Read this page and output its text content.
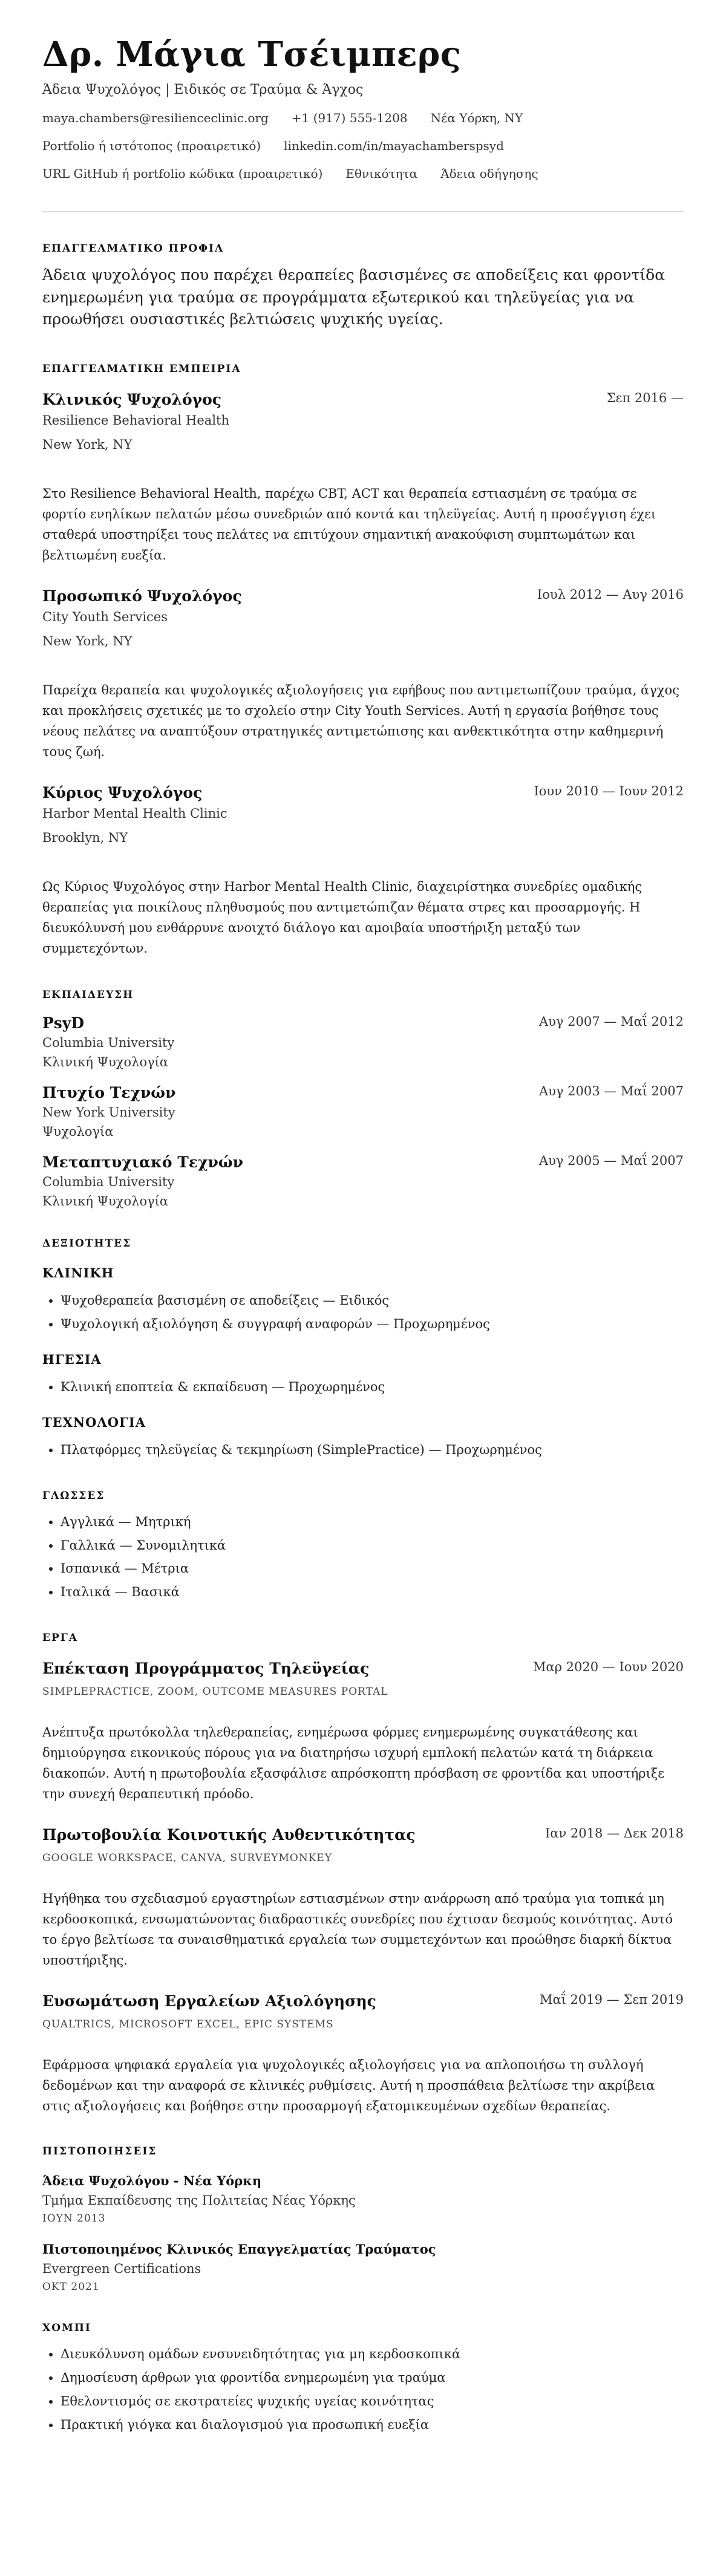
Δρ. Μάγια Τσέιμπερς
Άδεια Ψυχολόγος | Ειδικός σε Τραύμα & Άγχος
maya.chambers@resilienceclinic.org +1 (917) 555-1208 Νέα Υόρκη, NY
Portfolio ή ιστότοπος (προαιρετικό) linkedin.com/in/mayachamberspsyd
URL GitHub ή portfolio κώδικα (προαιρετικό) Εθνικότητα Άδεια οδήγησης
ΕΠΑΓΓΕΛΜΑΤΙΚΟ ΠΡΟΦΙΛ
Άδεια ψυχολόγος που παρέχει θεραπείες βασισμένες σε αποδείξεις και φροντίδα ενημερωμένη για τραύμα σε προγράμματα εξωτερικού και τηλεϋγείας για να προωθήσει ουσιαστικές βελτιώσεις ψυχικής υγείας.
ΕΠΑΓΓΕΛΜΑΤΙΚΗ ΕΜΠΕΙΡΙΑ
Κλινικός Ψυχολόγος	Σεπ 2016 —
Resilience Behavioral Health
New York, NY
Στο Resilience Behavioral Health, παρέχω CBT, ACT και θεραπεία εστιασμένη σε τραύμα σε φορτίο ενηλίκων πελατών μέσω συνεδριών από κοντά και τηλεϋγείας. Αυτή η προσέγγιση έχει σταθερά υποστηρίξει τους πελάτες να επιτύχουν σημαντική ανακούφιση συμπτωμάτων και βελτιωμένη ευεξία.
Προσωπικό Ψυχολόγος	Ιουλ 2012 — Αυγ 2016
City Youth Services
New York, NY
Παρείχα θεραπεία και ψυχολογικές αξιολογήσεις για εφήβους που αντιμετωπίζουν τραύμα, άγχος και προκλήσεις σχετικές με το σχολείο στην City Youth Services. Αυτή η εργασία βοήθησε τους νέους πελάτες να αναπτύξουν στρατηγικές αντιμετώπισης και ανθεκτικότητα στην καθημερινή τους ζωή.
Κύριος Ψυχολόγος	Ιουν 2010 — Ιουν 2012
Harbor Mental Health Clinic
Brooklyn, NY
Ως Κύριος Ψυχολόγος στην Harbor Mental Health Clinic, διαχειρίστηκα συνεδρίες ομαδικής θεραπείας για ποικίλους πληθυσμούς που αντιμετώπιζαν θέματα στρες και προσαρμογής. Η διευκόλυνσή μου ενθάρρυνε ανοιχτό διάλογο και αμοιβαία υποστήριξη μεταξύ των συμμετεχόντων.
ΕΚΠΑΙΔΕΥΣΗ
PsyD	Αυγ 2007 — Μαΐ 2012
Columbia University
Κλινική Ψυχολογία
Πτυχίο Τεχνών	Αυγ 2003 — Μαΐ 2007
New York University
Ψυχολογία
Μεταπτυχιακό Τεχνών	Αυγ 2005 — Μαΐ 2007
Columbia University
Κλινική Ψυχολογία
ΔΕΞΙΟΤΗΤΕΣ
ΚΛΙΝΙΚΗ
• Ψυχοθεραπεία βασισμένη σε αποδείξεις — Ειδικός
• Ψυχολογική αξιολόγηση & συγγραφή αναφορών — Προχωρημένος
ΗΓΕΣΙΑ
• Κλινική εποπτεία & εκπαίδευση — Προχωρημένος
ΤΕΧΝΟΛΟΓΙΑ
• Πλατφόρμες τηλεϋγείας & τεκμηρίωση (SimplePractice) — Προχωρημένος
ΓΛΩΣΣΕΣ
• Αγγλικά — Μητρική
• Γαλλικά — Συνομιλητικά
• Ισπανικά — Μέτρια
• Ιταλικά — Βασικά
ΕΡΓΑ
Επέκταση Προγράμματος Τηλεϋγείας	Μαρ 2020 — Ιουν 2020
SIMPLEPRACTICE, ZOOM, OUTCOME MEASURES PORTAL
Ανέπτυξα πρωτόκολλα τηλεθεραπείας, ενημέρωσα φόρμες ενημερωμένης συγκατάθεσης και δημιούργησα εικονικούς πόρους για να διατηρήσω ισχυρή εμπλοκή πελατών κατά τη διάρκεια διακοπών. Αυτή η πρωτοβουλία εξασφάλισε απρόσκοπτη πρόσβαση σε φροντίδα και υποστήριξε την συνεχή θεραπευτική πρόοδο.
Πρωτοβουλία Κοινοτικής Αυθεντικότητας	Ιαν 2018 — Δεκ 2018
GOOGLE WORKSPACE, CANVA, SURVEYMONKEY
Ηγήθηκα του σχεδιασμού εργαστηρίων εστιασμένων στην ανάρρωση από τραύμα για τοπικά μη κερδοσκοπικά, ενσωματώνοντας διαδραστικές συνεδρίες που έχτισαν δεσμούς κοινότητας. Αυτό το έργο βελτίωσε τα συναισθηματικά εργαλεία των συμμετεχόντων και προώθησε διαρκή δίκτυα υποστήριξης.
Ευσωμάτωση Εργαλείων Αξιολόγησης	Μαΐ 2019 — Σεπ 2019
QUALTRICS, MICROSOFT EXCEL, EPIC SYSTEMS
Εφάρμοσα ψηφιακά εργαλεία για ψυχολογικές αξιολογήσεις για να απλοποιήσω τη συλλογή δεδομένων και την αναφορά σε κλινικές ρυθμίσεις. Αυτή η προσπάθεια βελτίωσε την ακρίβεια στις αξιολογήσεις και βοήθησε στην προσαρμογή εξατομικευμένων σχεδίων θεραπείας.
ΠΙΣΤΟΠΟΙΗΣΕΙΣ
Άδεια Ψυχολόγου - Νέα Υόρκη
Τμήμα Εκπαίδευσης της Πολιτείας Νέας Υόρκης
ΙΟΥΝ 2013
Πιστοποιημένος Κλινικός Επαγγελματίας Τραύματος
Evergreen Certifications
ΟΚΤ 2021
ΧΟΜΠΙ
• Διευκόλυνση ομάδων ενσυνειδητότητας για μη κερδοσκοπικά
• Δημοσίευση άρθρων για φροντίδα ενημερωμένη για τραύμα
• Εθελοντισμός σε εκστρατείες ψυχικής υγείας κοινότητας
• Πρακτική γιόγκα και διαλογισμού για προσωπική ευεξία
